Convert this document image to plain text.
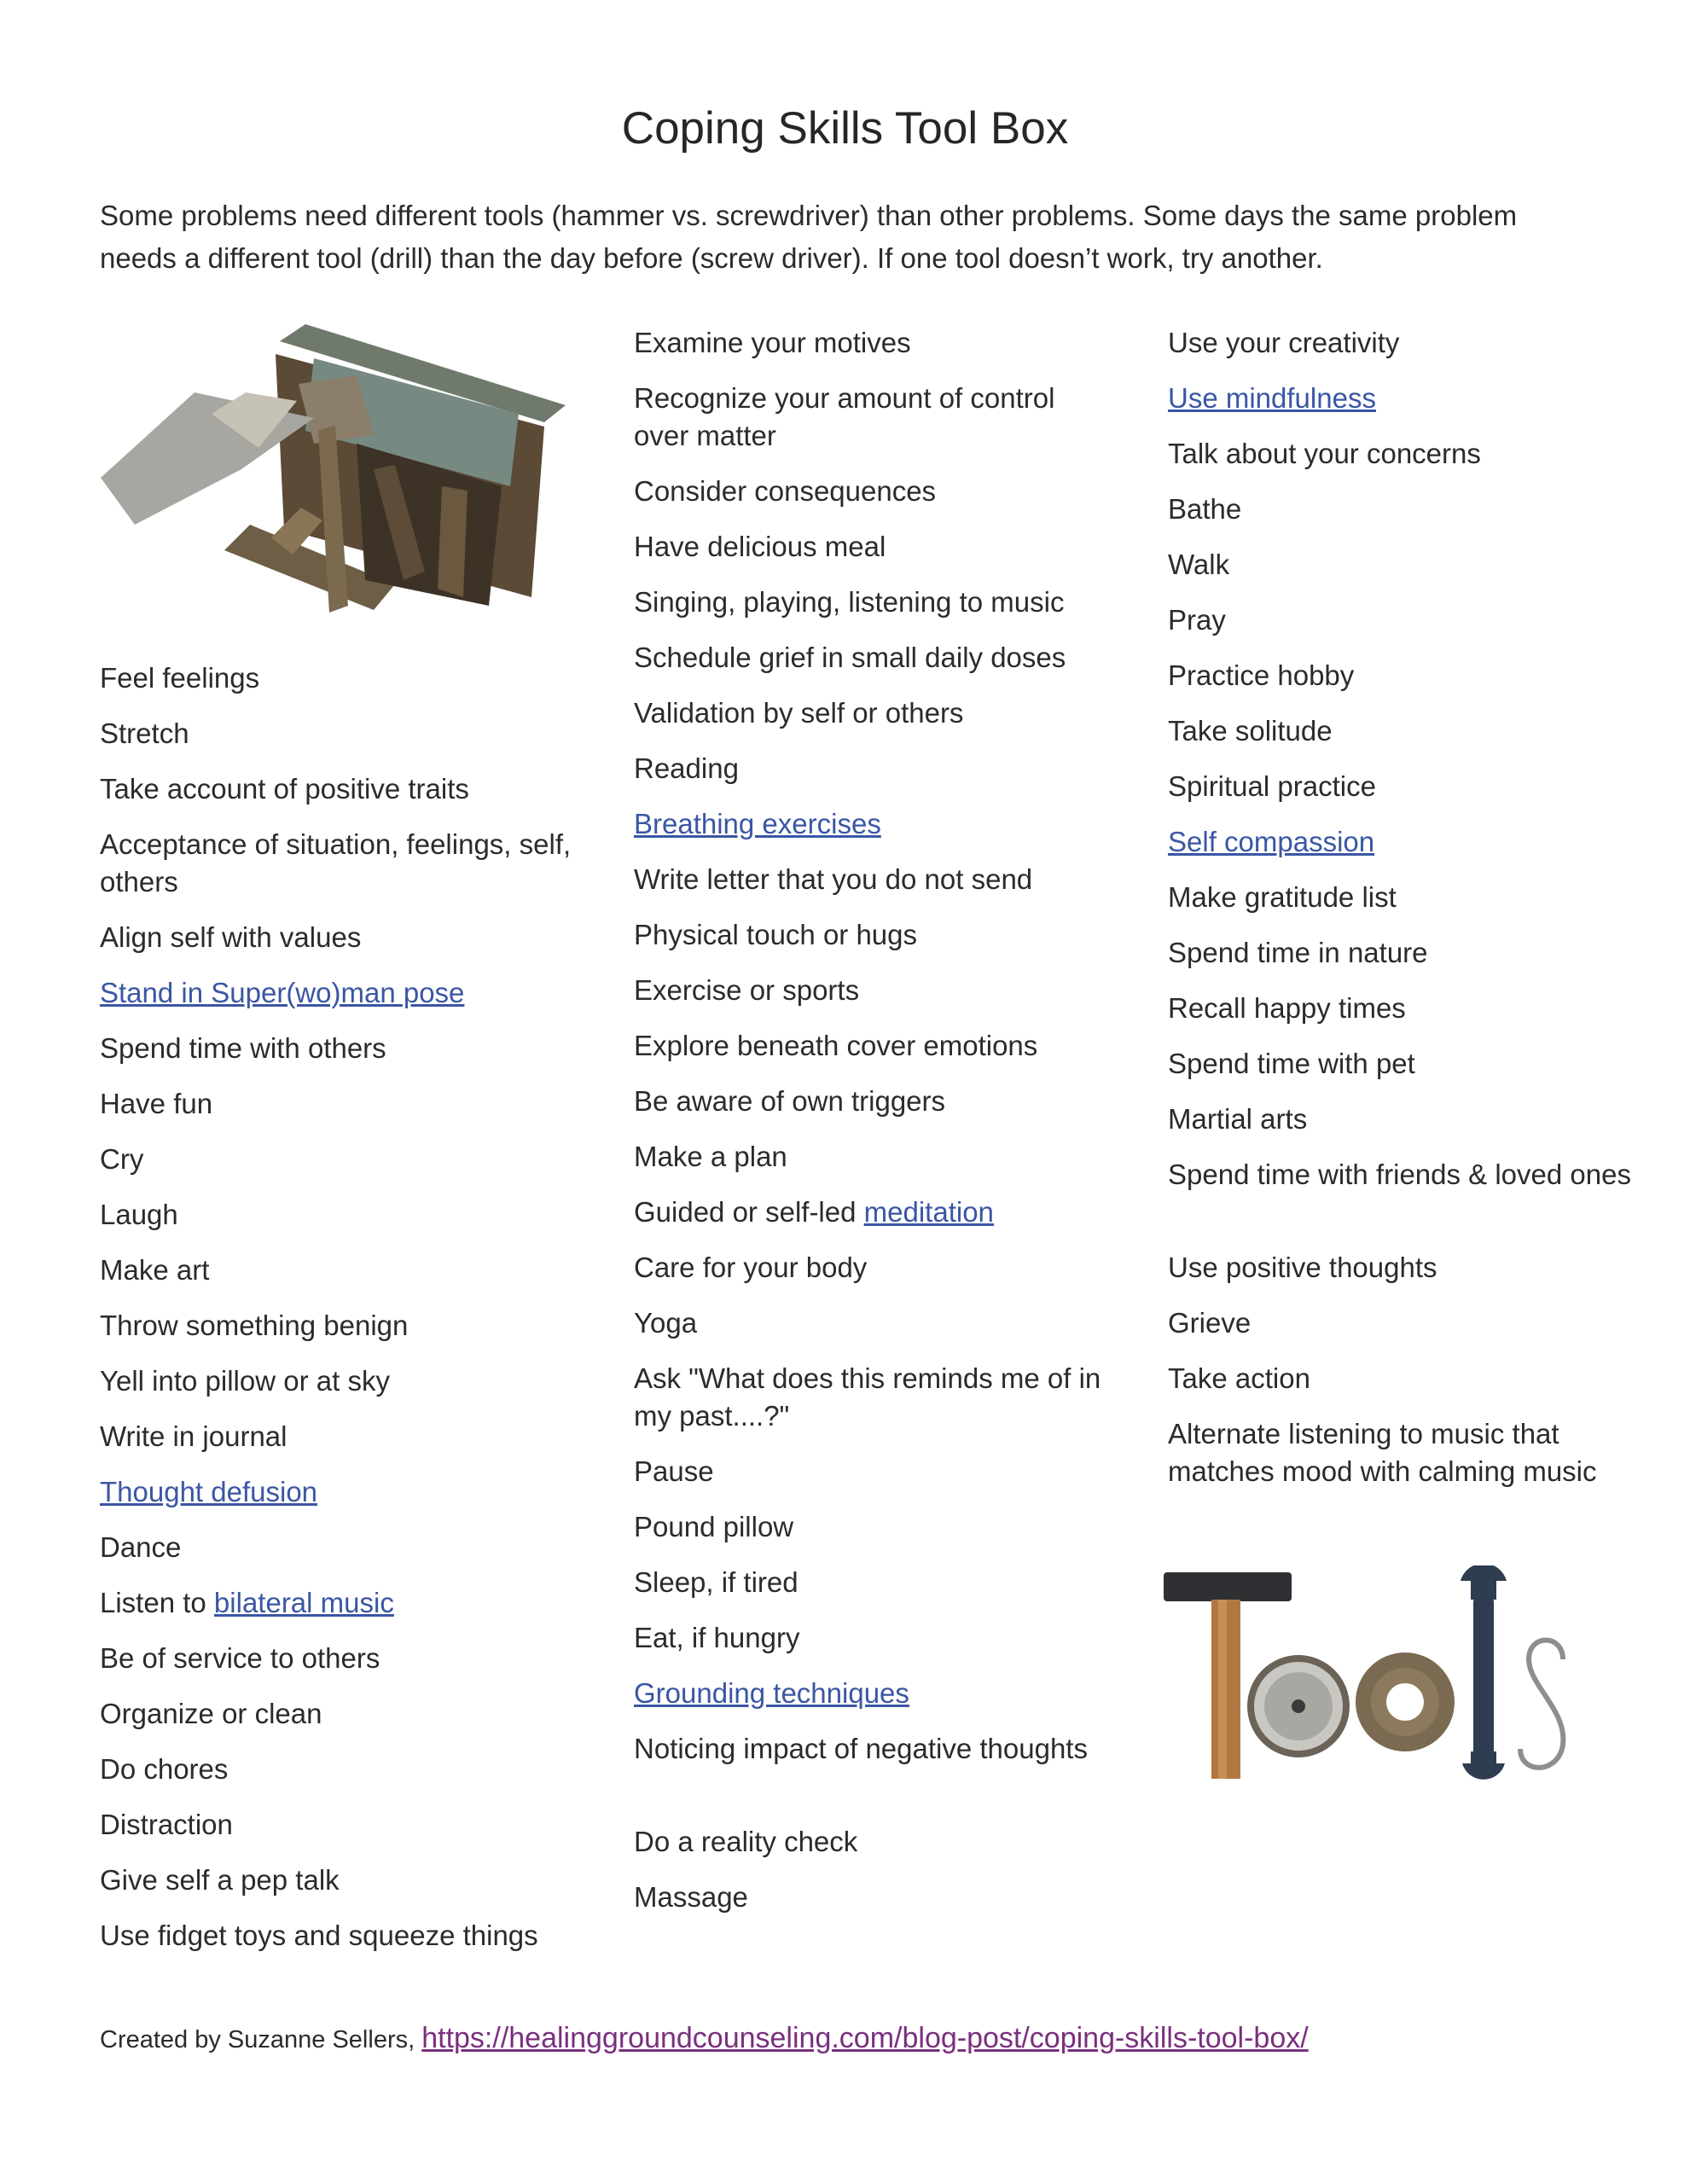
Coping Skills Tool Box

Some problems need different tools (hammer vs. screwdriver) than other problems. Some days the same problem

needs a different tool (drill) than the day before (screw driver). If one tool doesn’t work, try another.

Feel feelings
Stretch
Take account of positive traits
Acceptance of situation, feelings, self, others
Align self with values
Stand in Super(wo)man pose
Spend time with others
Have fun
Cry
Laugh
Make art
Throw something benign
Yell into pillow or at sky
Write in journal
Thought defusion
Dance
Listen to bilateral music
Be of service to others
Organize or clean
Do chores
Distraction
Give self a pep talk
Use fidget toys and squeeze things
Examine your motives
Recognize your amount of control over matter
Consider consequences
Have delicious meal
Singing, playing, listening to music
Schedule grief in small daily doses
Validation by self or others
Reading
Breathing exercises
Write letter that you do not send
Physical touch or hugs
Exercise or sports
Explore beneath cover emotions
Be aware of own triggers
Make a plan
Guided or self-led meditation
Care for your body
Yoga
Ask "What does this reminds me of in my past....?"
Pause
Pound pillow
Sleep, if tired
Eat, if hungry
Grounding techniques
Noticing impact of negative thoughts
Do a reality check
Massage
Use your creativity
Use mindfulness
Talk about your concerns
Bathe
Walk
Pray
Practice hobby
Take solitude
Spiritual practice
Self compassion
Make gratitude list
Spend time in nature
Recall happy times
Spend time with pet
Martial arts
Spend time with friends & loved ones
Use positive thoughts
Grieve
Take action
Alternate listening to music that matches mood with calming music
Created by Suzanne Sellers, https://healinggroundcounseling.com/blog-post/coping-skills-tool-box/
